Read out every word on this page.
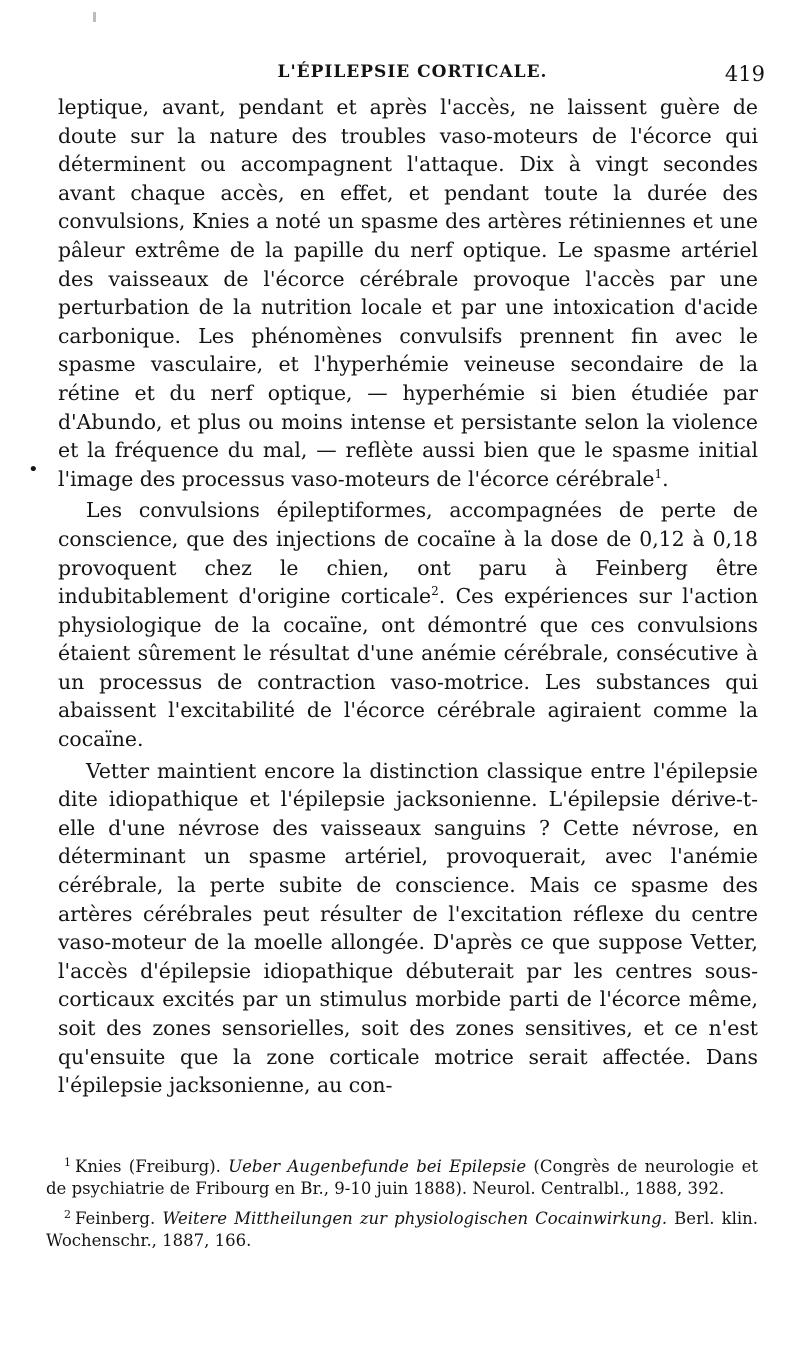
L'ÉPILEPSIE CORTICALE.	419
•

leptique, avant, pendant et après l'accès, ne laissent guère de doute sur la nature des troubles vaso-moteurs de l'écorce qui déterminent ou accompagnent l'attaque. Dix à vingt secondes avant chaque accès, en effet, et pendant toute la durée des convulsions, Knies a noté un spasme des artères rétiniennes et une pâleur extrême de la papille du nerf optique. Le spasme artériel des vaisseaux de l'écorce cérébrale provoque l'accès par une perturbation de la nutrition locale et par une intoxication d'acide carbonique. Les phénomènes convulsifs prennent fin avec le spasme vasculaire, et l'hyperhémie veineuse secondaire de la rétine et du nerf optique, — hyperhémie si bien étudiée par d'Abundo, et plus ou moins intense et persistante selon la violence et la fréquence du mal, — reflète aussi bien que le spasme initial l'image des processus vaso-moteurs de l'écorce cérébrale$^1$.

Les convulsions épileptiformes, accompagnées de perte de conscience, que des injections de cocaïne à la dose de 0,12 à 0,18 provoquent chez le chien, ont paru à Feinberg être indubitablement d'origine corticale$^2$. Ces expériences sur l'action physiologique de la cocaïne, ont démontré que ces convulsions étaient sûrement le résultat d'une anémie cérébrale, consécutive à un processus de contraction vaso-motrice. Les substances qui abaissent l'excitabilité de l'écorce cérébrale agiraient comme la cocaïne.

Vetter maintient encore la distinction classique entre l'épilepsie dite idiopathique et l'épilepsie jacksonienne. L'épilepsie dérive-t-elle d'une névrose des vaisseaux sanguins ? Cette névrose, en déterminant un spasme artériel, provoquerait, avec l'anémie cérébrale, la perte subite de conscience. Mais ce spasme des artères cérébrales peut résulter de l'excitation réflexe du centre vaso-moteur de la moelle allongée. D'après ce que suppose Vetter, l'accès d'épilepsie idiopathique débuterait par les centres sous-corticaux excités par un stimulus morbide parti de l'écorce même, soit des zones sensorielles, soit des zones sensitives, et ce n'est qu'ensuite que la zone corticale motrice serait affectée. Dans l'épilepsie jacksonienne, au con-

$^1$ Knies (Freiburg). Ueber Augenbefunde bei Epilepsie (Congrès de neurologie et de psychiatrie de Fribourg en Br., 9-10 juin 1888). Neurol. Centralbl., 1888, 392.

$^2$ Feinberg. Weitere Mittheilungen zur physiologischen Cocainwirkung. Berl. klin. Wochenschr., 1887, 166.
